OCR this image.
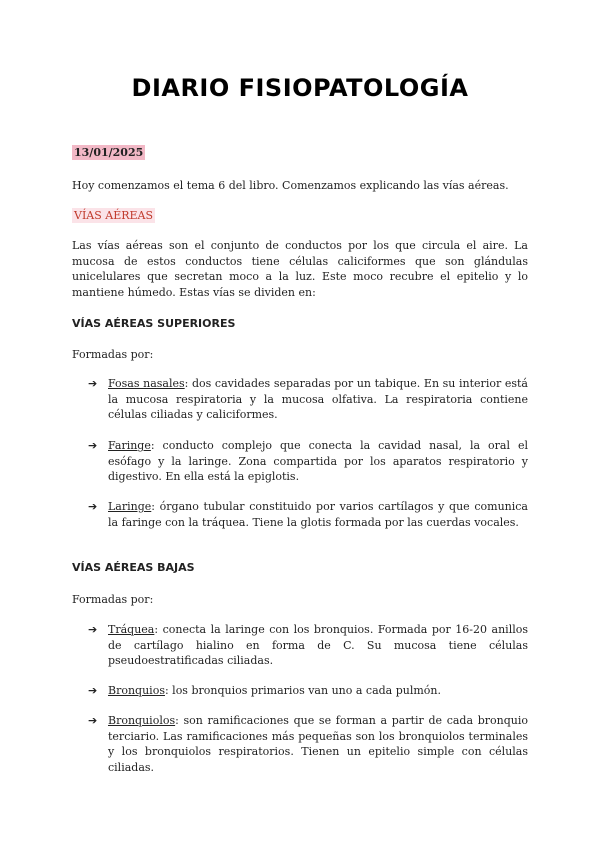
DIARIO FISIOPATOLOGÍA
13/01/2025

Hoy comenzamos el tema 6 del libro. Comenzamos explicando las vías aéreas.

VÍAS AÉREAS

Las vías aéreas son el conjunto de conductos por los que circula el aire. La mucosa de estos conductos tiene células caliciformes que son glándulas unicelulares que secretan moco a la luz. Este moco recubre el epitelio y lo mantiene húmedo. Estas vías se dividen en:

VÍAS AÉREAS SUPERIORES
Formadas por:
➔ Fosas nasales: dos cavidades separadas por un tabique. En su interior está la mucosa respiratoria y la mucosa olfativa. La respiratoria contiene células ciliadas y caliciformes.
➔ Faringe: conducto complejo que conecta la cavidad nasal, la oral el esófago y la laringe. Zona compartida por los aparatos respiratorio y digestivo. En ella está la epiglotis.
➔ Laringe: órgano tubular constituido por varios cartílagos y que comunica la faringe con la tráquea. Tiene la glotis formada por las cuerdas vocales.
VÍAS AÉREAS BAJAS
Formadas por:
➔ Tráquea: conecta la laringe con los bronquios. Formada por 16-20 anillos de cartílago hialino en forma de C. Su mucosa tiene células pseudoestratificadas ciliadas.
➔ Bronquios: los bronquios primarios van uno a cada pulmón.
➔ Bronquiolos: son ramificaciones que se forman a partir de cada bronquio terciario. Las ramificaciones más pequeñas son los bronquiolos terminales y los bronquiolos respiratorios. Tienen un epitelio simple con células ciliadas.
